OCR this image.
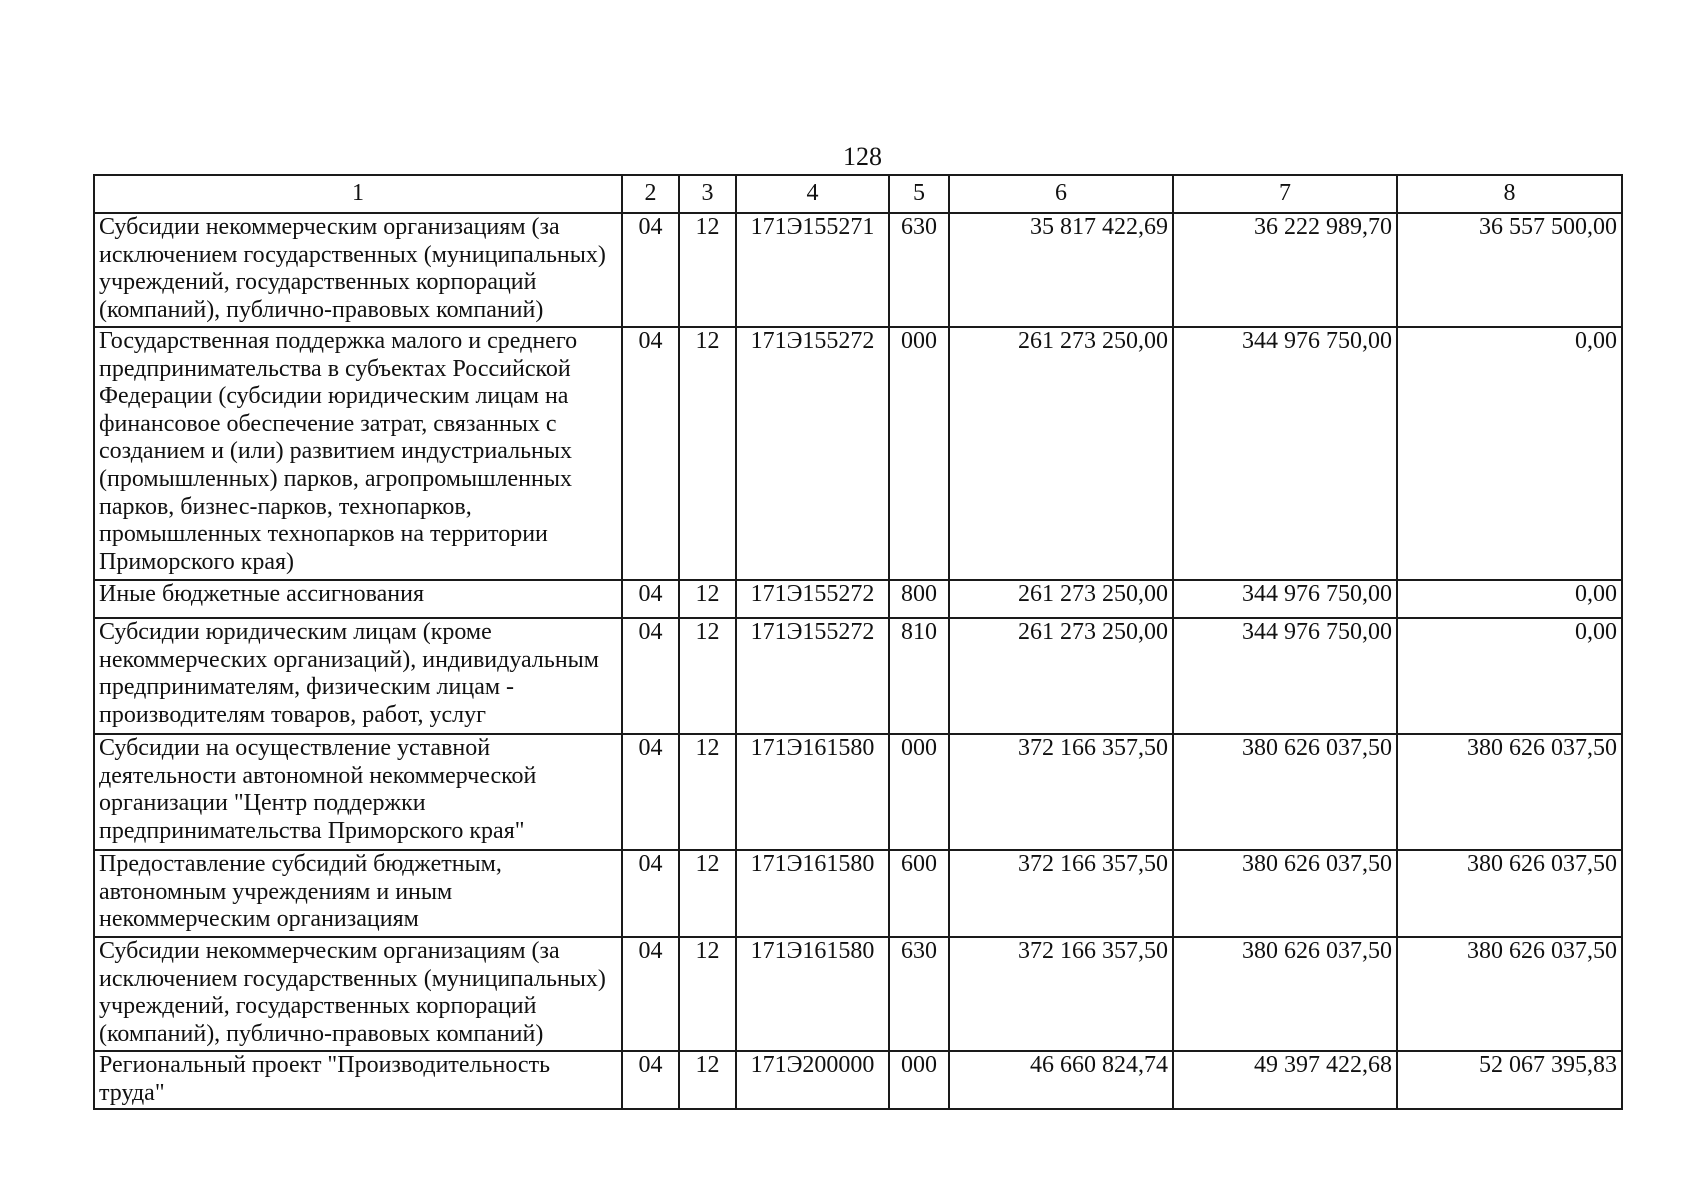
128
1	2	3	4	5	6	7	8
Субсидии некоммерческим организациям (за исключением государственных (муниципальных) учреждений, государственных корпораций (компаний), публично-правовых компаний)	04	12	171Э155271	630	35 817 422,69	36 222 989,70	36 557 500,00
Государственная поддержка малого и среднего предпринимательства в субъектах Российской Федерации (субсидии юридическим лицам на финансовое обеспечение затрат, связанных с созданием и (или) развитием индустриальных (промышленных) парков, агропромышленных парков, бизнес-парков, технопарков, промышленных технопарков на территории Приморского края)	04	12	171Э155272	000	261 273 250,00	344 976 750,00	0,00
Иные бюджетные ассигнования	04	12	171Э155272	800	261 273 250,00	344 976 750,00	0,00
Субсидии юридическим лицам (кроме некоммерческих организаций), индивидуальным предпринимателям, физическим лицам - производителям товаров, работ, услуг	04	12	171Э155272	810	261 273 250,00	344 976 750,00	0,00
Субсидии на осуществление уставной деятельности автономной некоммерческой организации "Центр поддержки предпринимательства Приморского края"	04	12	171Э161580	000	372 166 357,50	380 626 037,50	380 626 037,50
Предоставление субсидий бюджетным, автономным учреждениям и иным некоммерческим организациям	04	12	171Э161580	600	372 166 357,50	380 626 037,50	380 626 037,50
Субсидии некоммерческим организациям (за исключением государственных (муниципальных) учреждений, государственных корпораций (компаний), публично-правовых компаний)	04	12	171Э161580	630	372 166 357,50	380 626 037,50	380 626 037,50
Региональный проект "Производительность труда"	04	12	171Э200000	000	46 660 824,74	49 397 422,68	52 067 395,83
